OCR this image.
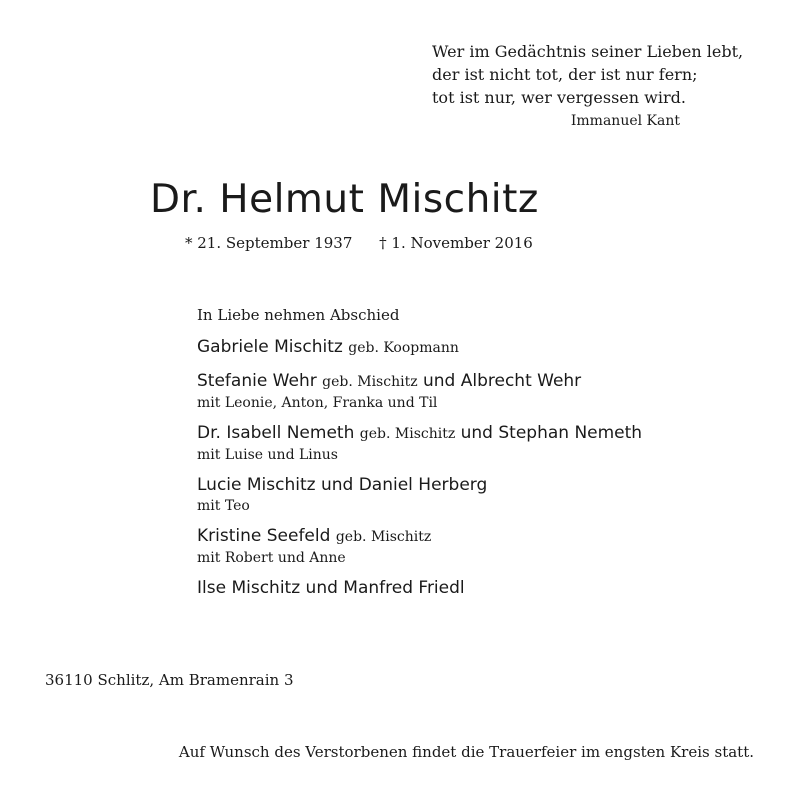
Wer im Gedächtnis seiner Lieben lebt,
der ist nicht tot, der ist nur fern;
tot ist nur, wer vergessen wird.
Immanuel Kant
Dr. Helmut Mischitz
* 21. September 1937 † 1. November 2016
In Liebe nehmen Abschied
Gabriele Mischitz geb. Koopmann
Stefanie Wehr geb. Mischitz und Albrecht Wehr
mit Leonie, Anton, Franka und Til
Dr. Isabell Nemeth geb. Mischitz und Stephan Nemeth
mit Luise und Linus
Lucie Mischitz und Daniel Herberg
mit Teo
Kristine Seefeld geb. Mischitz
mit Robert und Anne
Ilse Mischitz und Manfred Friedl
36110 Schlitz, Am Bramenrain 3
Auf Wunsch des Verstorbenen findet die Trauerfeier im engsten Kreis statt.
